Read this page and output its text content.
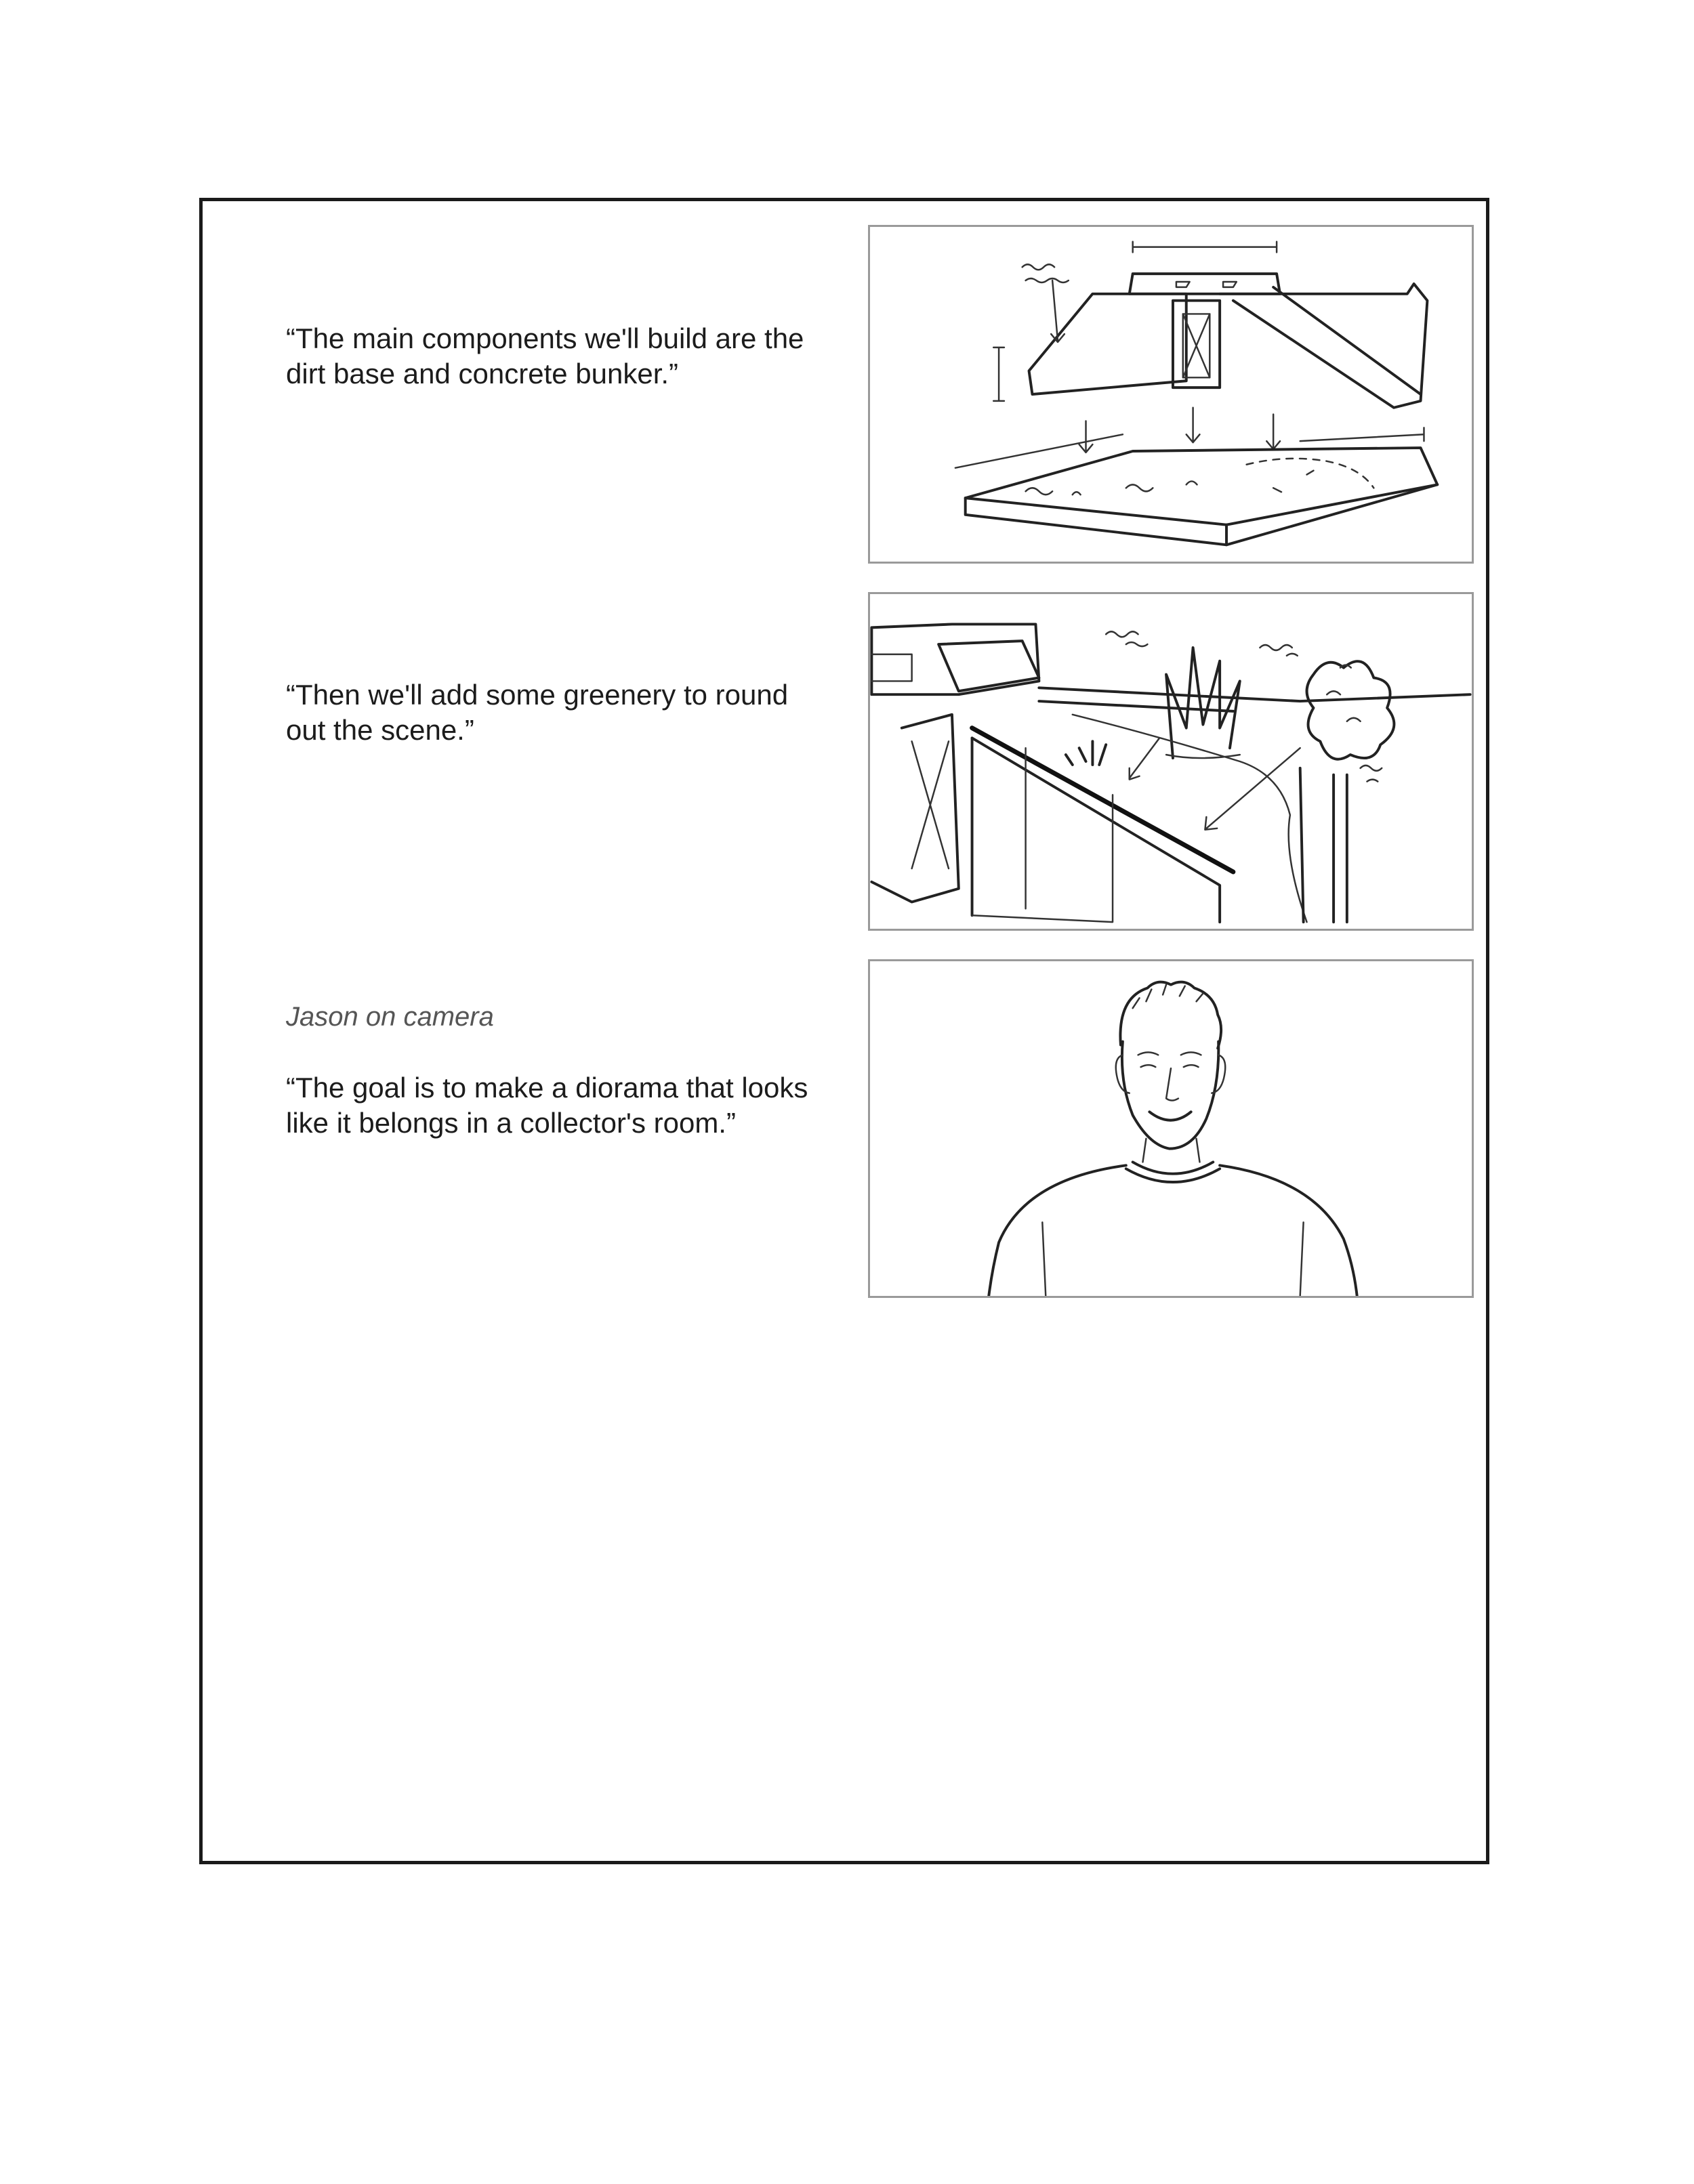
“The main components we'll build are the dirt base and concrete bunker.”

“Then we'll add some greenery to round out the scene.”

Jason on camera

“The goal is to make a diorama that looks like it belongs in a collector's room.”
